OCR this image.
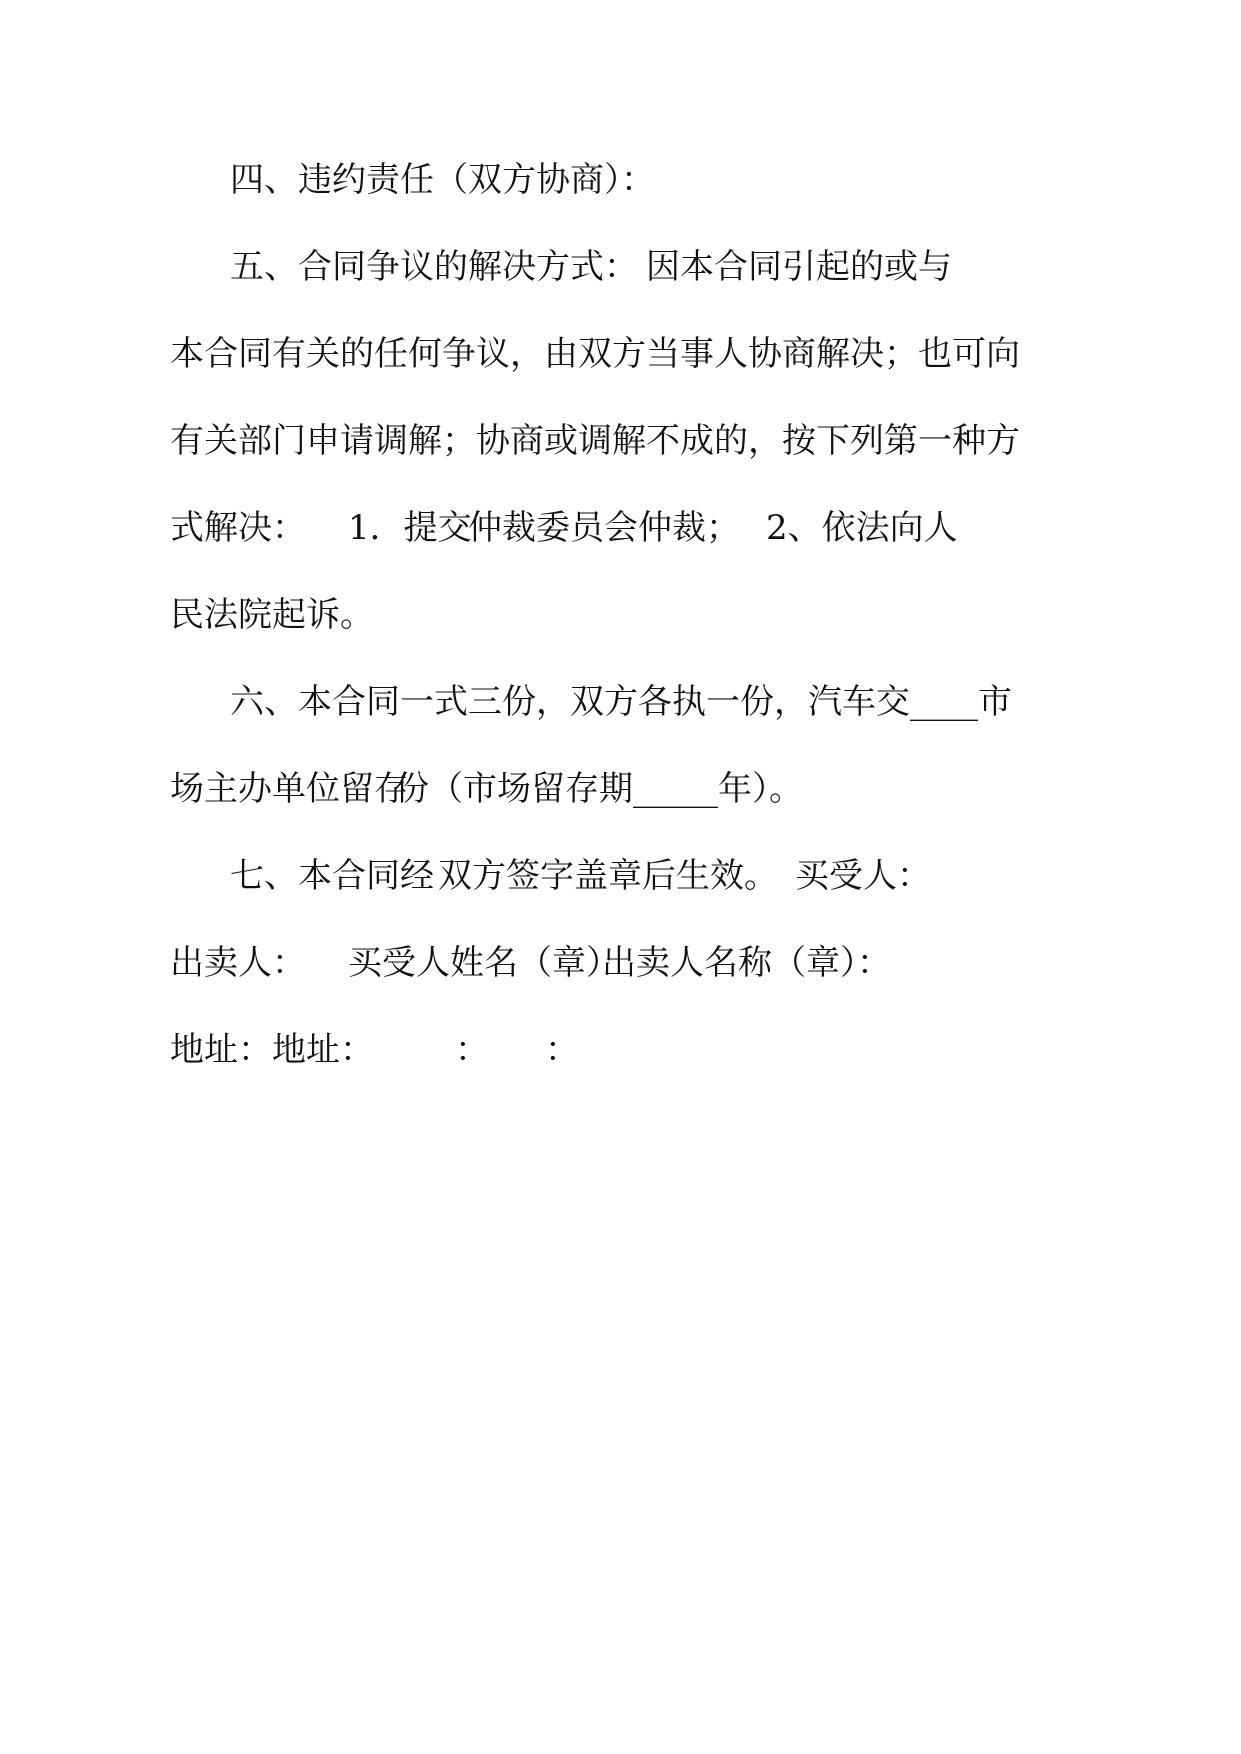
四、违约责任（双方协商）：

五、合同争议的解决方式：

因本合同引起的或与

本合同有关的任何争议，由双方当事人协商解决；也可向

有关部门申请调解；协商或调解不成的，按下列第一种方

式解决：

1．提交

仲裁委员会仲裁；

2、依法向人

民法院起诉。

六、本合同一式三份，双方各执一份，汽车交____市

场主办单位留存

份（市场留存期_____年）。

七、本合同经

双方签字盖章后生效。

买受人：

出卖人：

买受人姓名（章）

出卖人名称（章）：

地址：

地址：

：

：
